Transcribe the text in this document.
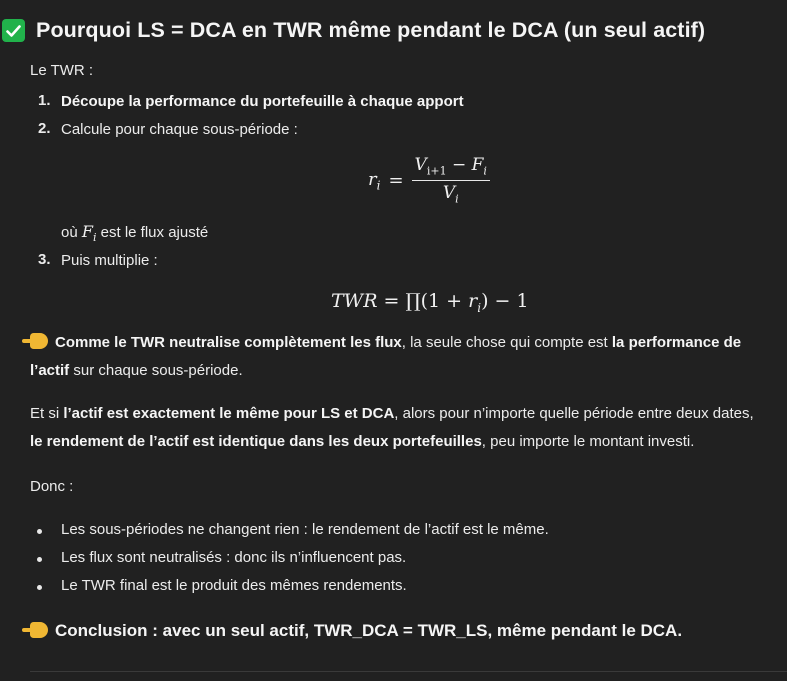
Pourquoi LS = DCA en TWR même pendant le DCA (un seul actif)
Le TWR :
1. Découpe la performance du portefeuille à chaque apport
2. Calcule pour chaque sous-période :
$r_i = \frac{V_{i+1} - F_i}{V_i}$
où $F_i$ est le flux ajusté
3. Puis multiplie :
TWR = ∏(1 + $r_i) - 1$
Comme le TWR neutralise complètement les flux, la seule chose qui compte est la performance de
l’actif sur chaque sous-période.
Et si l’actif est exactement le même pour LS et DCA, alors pour n’importe quelle période entre deux dates,
le rendement de l’actif est identique dans les deux portefeuilles, peu importe le montant investi.
Donc :
Les sous-périodes ne changent rien : le rendement de l’actif est le même.
Les flux sont neutralisés : donc ils n’influencent pas.
Le TWR final est le produit des mêmes rendements.
Conclusion : avec un seul actif, TWR_DCA = TWR_LS, même pendant le DCA.
